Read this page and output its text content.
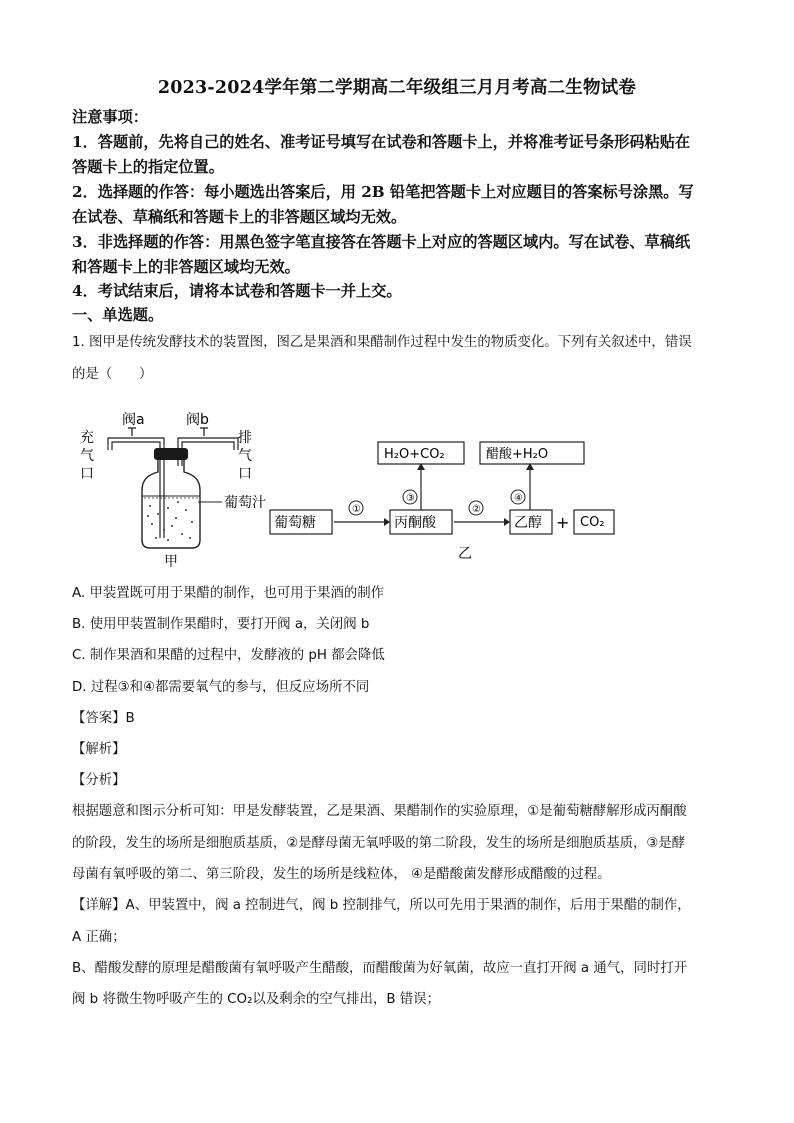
2023-2024学年第二学期高二年级组三月月考高二生物试卷
注意事项：
1．答题前，先将自己的姓名、准考证号填写在试卷和答题卡上，并将准考证号条形码粘贴在
答题卡上的指定位置。
2．选择题的作答：每小题选出答案后，用 2B 铅笔把答题卡上对应题目的答案标号涂黑。写
在试卷、草稿纸和答题卡上的非答题区域均无效。
3．非选择题的作答：用黑色签字笔直接答在答题卡上对应的答题区域内。写在试卷、草稿纸
和答题卡上的非答题区域均无效。
4．考试结束后，请将本试卷和答题卡一并上交。
一、单选题。
1. 图甲是传统发酵技术的装置图，图乙是果酒和果醋制作过程中发生的物质变化。下列有关叙述中，错误
的是（　　）
阀a	阀b
充
气
口
排
气
口
葡萄汁
甲
葡萄糖
①
丙酮酸
③
H₂O+CO₂
②
乙醇
④
醋酸+H₂O
+ CO₂
乙
A. 甲装置既可用于果醋的制作，也可用于果酒的制作
B. 使用甲装置制作果醋时，要打开阀 a，关闭阀 b
C. 制作果酒和果醋的过程中，发酵液的 pH 都会降低
D. 过程③和④都需要氧气的参与，但反应场所不同
【答案】B
【解析】
【分析】
根据题意和图示分析可知：甲是发酵装置，乙是果酒、果醋制作的实验原理，①是葡萄糖酵解形成丙酮酸
的阶段，发生的场所是细胞质基质，②是酵母菌无氧呼吸的第二阶段，发生的场所是细胞质基质，③是酵
母菌有氧呼吸的第二、第三阶段，发生的场所是线粒体， ④是醋酸菌发酵形成醋酸的过程。
【详解】A、甲装置中，阀 a 控制进气，阀 b 控制排气，所以可先用于果酒的制作，后用于果醋的制作，
A 正确；
B、醋酸发酵的原理是醋酸菌有氧呼吸产生醋酸，而醋酸菌为好氧菌，故应一直打开阀 a 通气，同时打开
阀 b 将微生物呼吸产生的 CO₂以及剩余的空气排出，B 错误；
